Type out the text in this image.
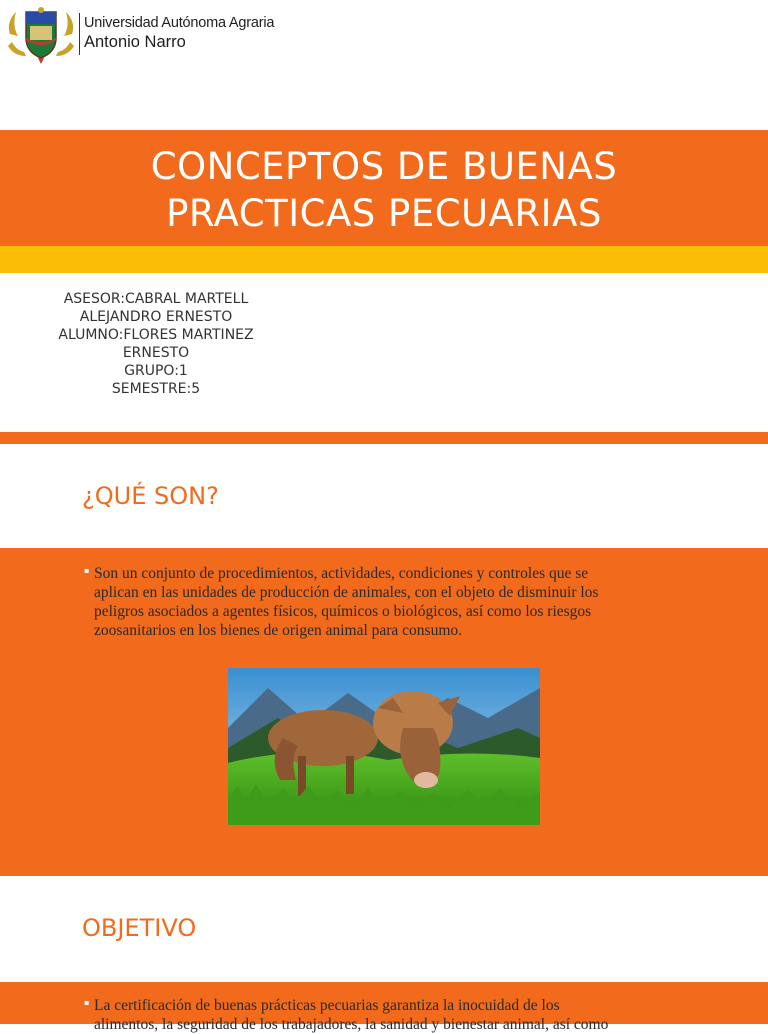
Universidad Autónoma Agraria
Antonio Narro
CONCEPTOS DE BUENAS
PRACTICAS PECUARIAS
ASESOR:CABRAL MARTELL
ALEJANDRO ERNESTO
ALUMNO:FLORES MARTINEZ
ERNESTO
GRUPO:1
SEMESTRE:5
¿QUÉ SON?
▪ Son un conjunto de procedimientos, actividades, condiciones y controles que se
aplican en las unidades de producción de animales, con el objeto de disminuir los
peligros asociados a agentes físicos, químicos o biológicos, así como los riesgos
zoosanitarios en los bienes de origen animal para consumo.
OBJETIVO
▪ La certificación de buenas prácticas pecuarias garantiza la inocuidad de los
alimentos, la seguridad de los trabajadores, la sanidad y bienestar animal, así como
